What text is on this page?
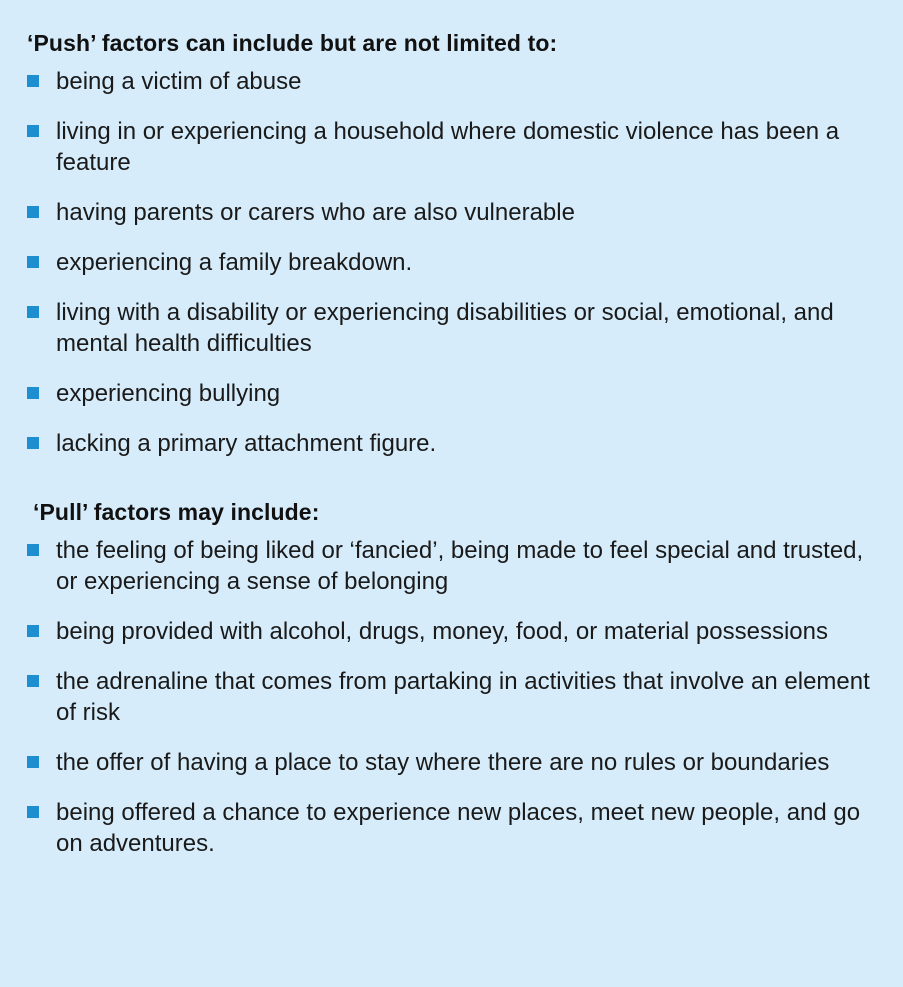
‘Push’ factors can include but are not limited to:
being a victim of abuse
living in or experiencing a household where domestic violence has been a feature
having parents or carers who are also vulnerable
experiencing a family breakdown.
living with a disability or experiencing disabilities or social, emotional, and mental health difficulties
experiencing bullying
lacking a primary attachment figure.
‘Pull’ factors may include:
the feeling of being liked or ‘fancied’, being made to feel special and trusted, or experiencing a sense of belonging
being provided with alcohol, drugs, money, food, or material possessions
the adrenaline that comes from partaking in activities that involve an element of risk
the offer of having a place to stay where there are no rules or boundaries
being offered a chance to experience new places, meet new people, and go on adventures.
